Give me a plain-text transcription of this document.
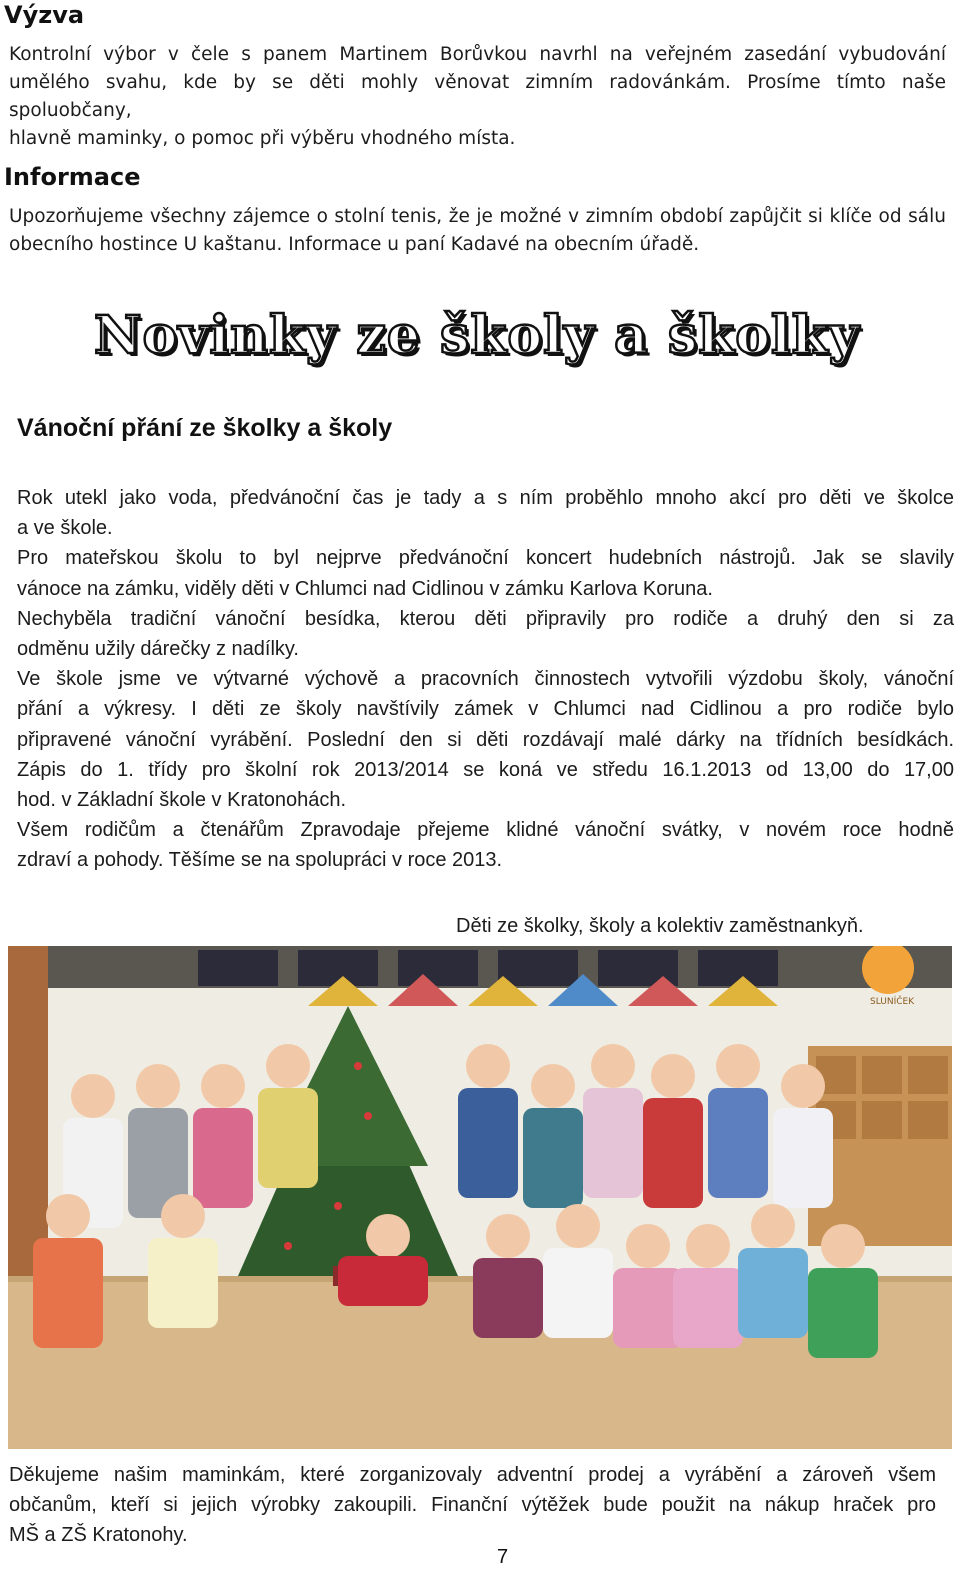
Výzva
Kontrolní výbor v čele s panem Martinem Borůvkou navrhl na veřejném zasedání vybudování
umělého svahu, kde by se děti mohly věnovat zimním radovánkám. Prosíme tímto naše spoluobčany,
hlavně maminky, o pomoc při výběru vhodného místa.
Informace
Upozorňujeme všechny zájemce o stolní tenis, že je možné v zimním období zapůjčit si klíče od sálu
obecního hostince U kaštanu. Informace u paní Kadavé na obecním úřadě.
Novinky ze školy a školky
Vánoční přání ze školky a školy
Rok utekl jako voda, předvánoční čas je tady a s ním proběhlo mnoho akcí pro děti ve školce
a ve škole.
Pro mateřskou školu to byl nejprve předvánoční koncert hudebních nástrojů. Jak se slavily
vánoce na zámku, viděly děti v Chlumci nad Cidlinou v zámku Karlova Koruna.
Nechyběla tradiční vánoční besídka, kterou děti připravily pro rodiče a druhý den si za
odměnu užily dárečky z nadílky.
Ve škole jsme ve výtvarné výchově a pracovních činnostech vytvořili výzdobu školy, vánoční
přání a výkresy. I děti ze školy navštívily zámek v Chlumci nad Cidlinou a pro rodiče bylo
připravené vánoční vyrábění. Poslední den si děti rozdávají malé dárky na třídních besídkách.
Zápis do 1. třídy pro školní rok 2013/2014 se koná ve středu 16.1.2013 od 13,00 do 17,00
hod. v Základní škole v Kratonohách.
Všem rodičům a čtenářům Zpravodaje přejeme klidné vánoční svátky, v novém roce hodně
zdraví a pohody. Těšíme se na spolupráci v roce 2013.
Děti ze školky, školy a kolektiv zaměstnankyň.
SLUNÍČEK
Děkujeme našim maminkám, které zorganizovaly adventní prodej a vyrábění a zároveň všem
občanům, kteří si jejich výrobky zakoupili. Finanční výtěžek bude použit na nákup hraček pro
MŠ a ZŠ Kratonohy.
7
